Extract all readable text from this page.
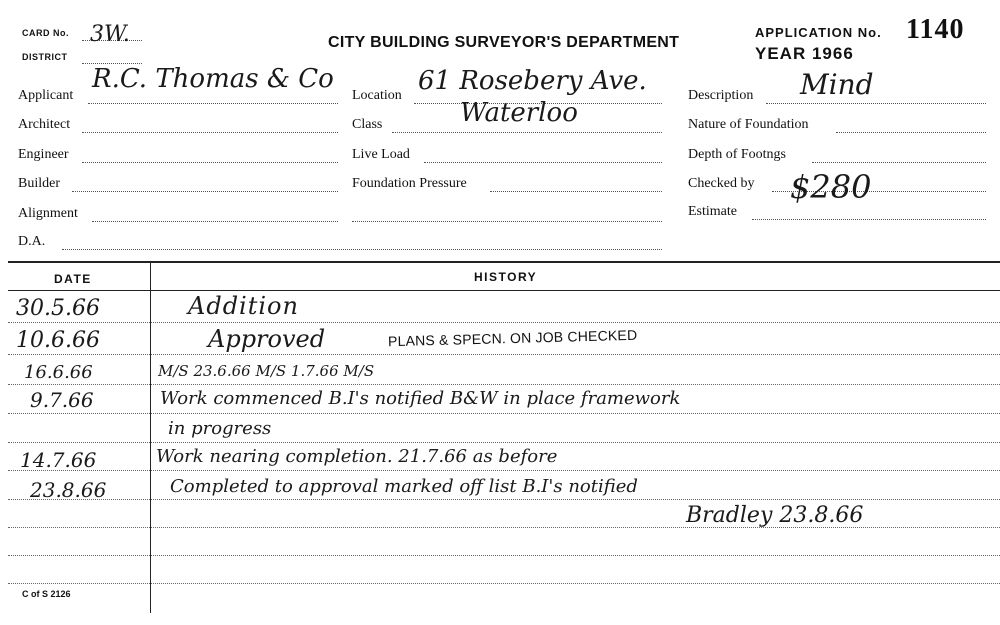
CARD No. 3W.
DISTRICT
CITY BUILDING SURVEYOR'S DEPARTMENT
APPLICATION No. 1140
YEAR 1966
Applicant
R.C. Thomas & Co
Architect
Engineer
Builder
Alignment
D.A.
Location 61 Rosebery Ave.
Waterloo
Class
Live Load
Foundation Pressure
Description Mind
Nature of Foundation
Depth of Footngs
Checked by
Estimate
$280
DATE	HISTORY
30.5.66	Addition
10.6.66	Approved	PLANS & SPECN. ON JOB CHECKED
16.6.66	M/S 23.6.66 M/S 1.7.66 M/S
9.7.66	Work commenced B.I's notified B&W in place framework
in progress
14.7.66	Work nearing completion. 21.7.66 as before
23.8.66	Completed to approval marked off list B.I's notified
Bradley 23.8.66
C of S 2126
